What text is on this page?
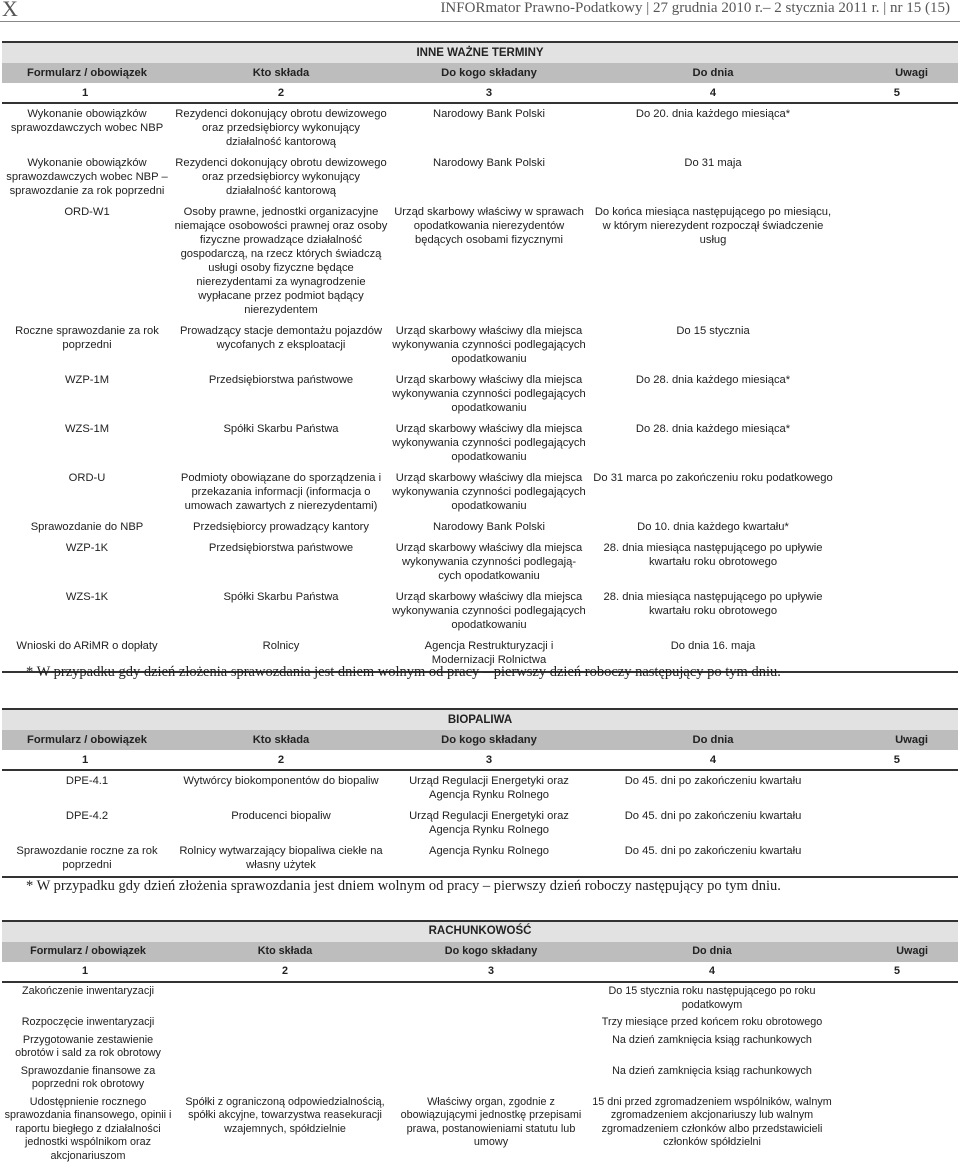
X	INFORmator Prawno-Podatkowy | 27 grudnia 2010 r.– 2 stycznia 2011 r. | nr 15 (15)
INNE WAŻNE TERMINY				
Formularz / obowiązek	Kto składa	Do kogo składany	Do dnia	Uwagi
1	2	3	4	5
Wykonanie obowiązków sprawozdawczych wobec NBP	Rezydenci dokonujący obrotu dewizowego oraz przedsiębiorcy wykonujący działalność kantorową	Narodowy Bank Polski	Do 20. dnia każdego miesiąca*	
Wykonanie obowiązków sprawozdawczych wobec NBP – sprawozdanie za rok poprzedni	Rezydenci dokonujący obrotu dewizowego oraz przedsiębiorcy wykonujący działalność kantorową	Narodowy Bank Polski	Do 31 maja	
ORD-W1	Osoby prawne, jednostki organizacyjne niemające osobowości prawnej oraz osoby fizyczne prowadzące działalność gospodarczą, na rzecz których świadczą usługi osoby fizyczne będące nierezydentami za wynagrodzenie wypłacane przez podmiot bądący nierezydentem	Urząd skarbowy właściwy w sprawach opodatkowania nierezydentów będących osobami fizycznymi	Do końca miesiąca następującego po miesiącu, w którym nierezydent rozpoczął świadczenie usług	
Roczne sprawozdanie za rok poprzedni	Prowadzący stacje demontażu pojazdów wycofanych z eksploatacji	Urząd skarbowy właściwy dla miejsca wykonywania czynności podlegających opodatkowaniu	Do 15 stycznia	
WZP-1M	Przedsiębiorstwa państwowe	Urząd skarbowy właściwy dla miejsca wykonywania czynności podlegających opodatkowaniu	Do 28. dnia każdego miesiąca*	
WZS-1M	Spółki Skarbu Państwa	Urząd skarbowy właściwy dla miejsca wykonywania czynności podlegających opodatkowaniu	Do 28. dnia każdego miesiąca*	
ORD-U	Podmioty obowiązane do sporządzenia i przekazania informacji (informacja o umowach zawartych z nierezydentami)	Urząd skarbowy właściwy dla miejsca wykonywania czynności podlegających opodatkowaniu	Do 31 marca po zakończeniu roku podatkowego	
Sprawozdanie do NBP	Przedsiębiorcy prowadzący kantory	Narodowy Bank Polski	Do 10. dnia każdego kwartału*	
WZP-1K	Przedsiębiorstwa państwowe	Urząd skarbowy właściwy dla miejsca wykonywania czynności podlegają-cych opodatkowaniu	28. dnia miesiąca następującego po upływie kwartału roku obrotowego	
WZS-1K	Spółki Skarbu Państwa	Urząd skarbowy właściwy dla miejsca wykonywania czynności podlegających opodatkowaniu	28. dnia miesiąca następującego po upływie kwartału roku obrotowego	
Wnioski do ARiMR o dopłaty	Rolnicy	Agencja Restrukturyzacji i Modernizacji Rolnictwa	Do dnia 16. maja	
* W przypadku gdy dzień złożenia sprawozdania jest dniem wolnym od pracy – pierwszy dzień roboczy następujący po tym dniu.
BIOPALIWA				
Formularz / obowiązek	Kto składa	Do kogo składany	Do dnia	Uwagi
1	2	3	4	5
DPE-4.1	Wytwórcy biokomponentów do biopaliw	Urząd Regulacji Energetyki oraz Agencja Rynku Rolnego	Do 45. dni po zakończeniu kwartału	
DPE-4.2	Producenci biopaliw	Urząd Regulacji Energetyki oraz Agencja Rynku Rolnego	Do 45. dni po zakończeniu kwartału	
Sprawozdanie roczne za rok poprzedni	Rolnicy wytwarzający biopaliwa ciekłe na własny użytek	Agencja Rynku Rolnego	Do 45. dni po zakończeniu kwartału	
* W przypadku gdy dzień złożenia sprawozdania jest dniem wolnym od pracy – pierwszy dzień roboczy następujący po tym dniu.
RACHUNKOWOŚĆ				
Formularz / obowiązek	Kto składa	Do kogo składany	Do dnia	Uwagi
1	2	3	4	5
Zakończenie inwentaryzacji			Do 15 stycznia roku następującego po roku podatkowym	
Rozpoczęcie inwentaryzacji			Trzy miesiące przed końcem roku obrotowego	
Przygotowanie zestawienie obrotów i sald za rok obrotowy			Na dzień zamknięcia ksiąg rachunkowych	
Sprawozdanie finansowe za poprzedni rok obrotowy			Na dzień zamknięcia ksiąg rachunkowych	
Udostępnienie rocznego sprawozdania finansowego, opinii i raportu biegłego z działalności jednostki wspólnikom oraz akcjonariuszom	Spółki z ograniczoną odpowiedzialnością, spółki akcyjne, towarzystwa reasekuracji wzajemnych, spółdzielnie	Właściwy organ, zgodnie z obowiązującymi jednostkę przepisami prawa, postanowieniami statutu lub umowy	15 dni przed zgromadzeniem wspólników, walnym zgromadzeniem akcjonariuszy lub walnym zgromadzeniem członków albo przedstawicieli członków spółdzielni	
